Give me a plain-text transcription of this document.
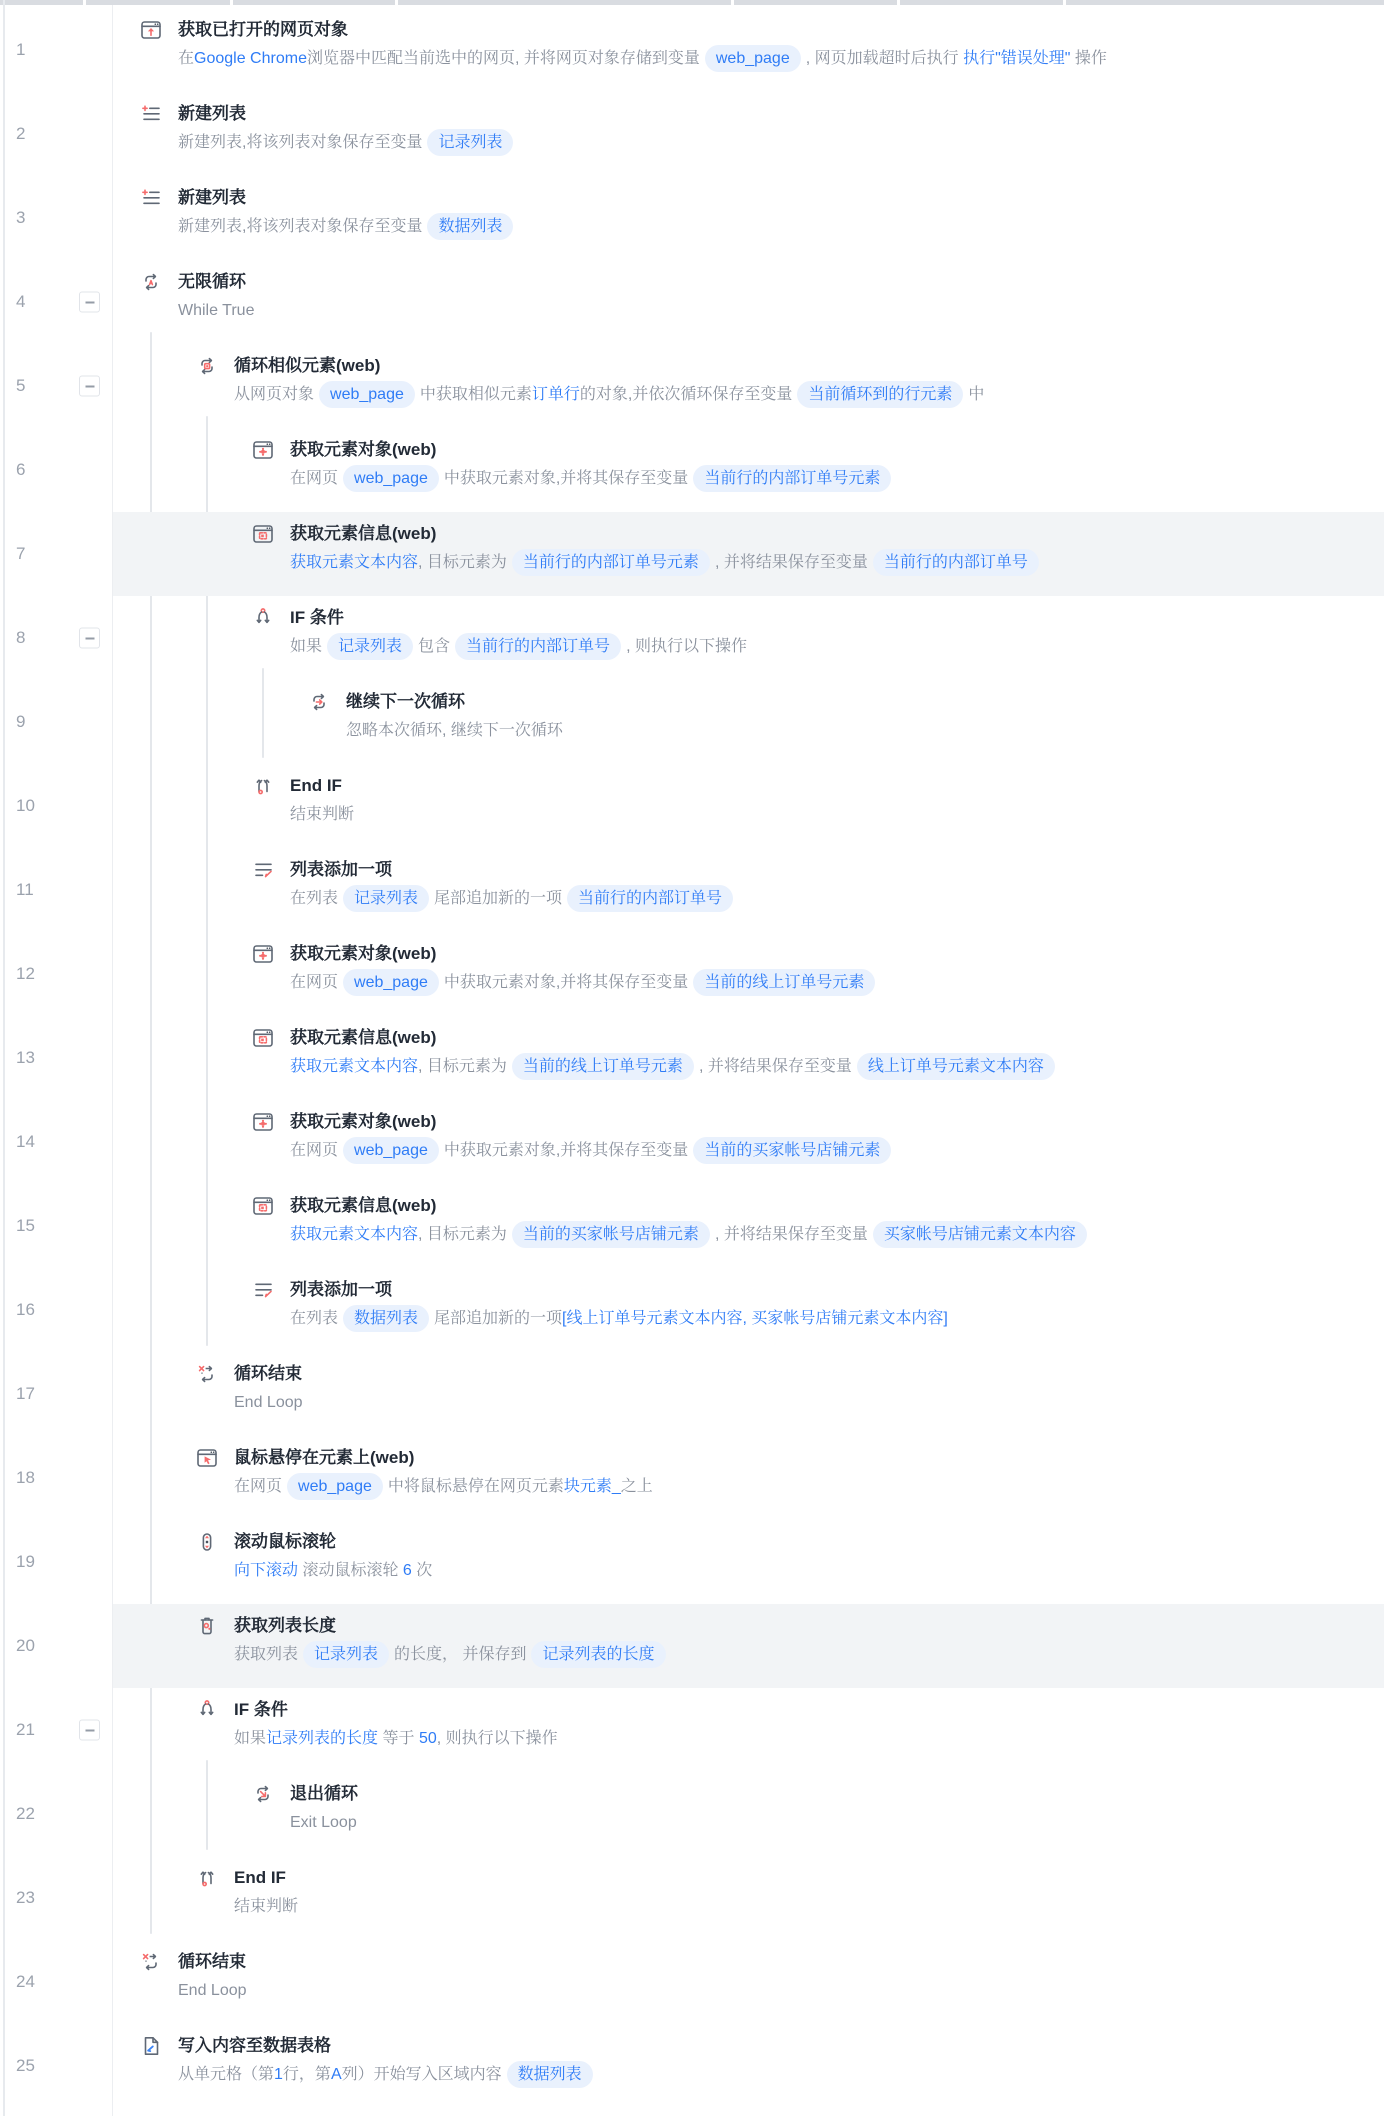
1
获取已打开的网页对象
在Google Chrome浏览器中匹配当前选中的网页, 并将网页对象存储到变量 web_page , 网页加载超时后执行 执行"错误处理" 操作
2
新建列表
新建列表,将该列表对象保存至变量 记录列表
3
新建列表
新建列表,将该列表对象保存至变量 数据列表
4
无限循环
While True
5
循环相似元素(web)
从网页对象 web_page 中获取相似元素订单行的对象,并依次循环保存至变量 当前循环到的行元素 中
6
获取元素对象(web)
在网页 web_page 中获取元素对象,并将其保存至变量 当前行的内部订单号元素
7
获取元素信息(web)
获取元素文本内容, 目标元素为 当前行的内部订单号元素 , 并将结果保存至变量 当前行的内部订单号
8
IF 条件
如果 记录列表 包含 当前行的内部订单号 , 则执行以下操作
9
继续下一次循环
忽略本次循环, 继续下一次循环
10
End IF
结束判断
11
列表添加一项
在列表 记录列表 尾部追加新的一项 当前行的内部订单号
12
获取元素对象(web)
在网页 web_page 中获取元素对象,并将其保存至变量 当前的线上订单号元素
13
获取元素信息(web)
获取元素文本内容, 目标元素为 当前的线上订单号元素 , 并将结果保存至变量 线上订单号元素文本内容
14
获取元素对象(web)
在网页 web_page 中获取元素对象,并将其保存至变量 当前的买家帐号店铺元素
15
获取元素信息(web)
获取元素文本内容, 目标元素为 当前的买家帐号店铺元素 , 并将结果保存至变量 买家帐号店铺元素文本内容
16
列表添加一项
在列表 数据列表 尾部追加新的一项[线上订单号元素文本内容, 买家帐号店铺元素文本内容]
17
循环结束
End Loop
18
鼠标悬停在元素上(web)
在网页 web_page 中将鼠标悬停在网页元素块元素_之上
19
滚动鼠标滚轮
向下滚动 滚动鼠标滚轮 6 次
20
获取列表长度
获取列表 记录列表 的长度， 并保存到 记录列表的长度
21
IF 条件
如果记录列表的长度 等于 50, 则执行以下操作
22
退出循环
Exit Loop
23
End IF
结束判断
24
循环结束
End Loop
25
写入内容至数据表格
从单元格（第1行，第A列）开始写入区域内容 数据列表
